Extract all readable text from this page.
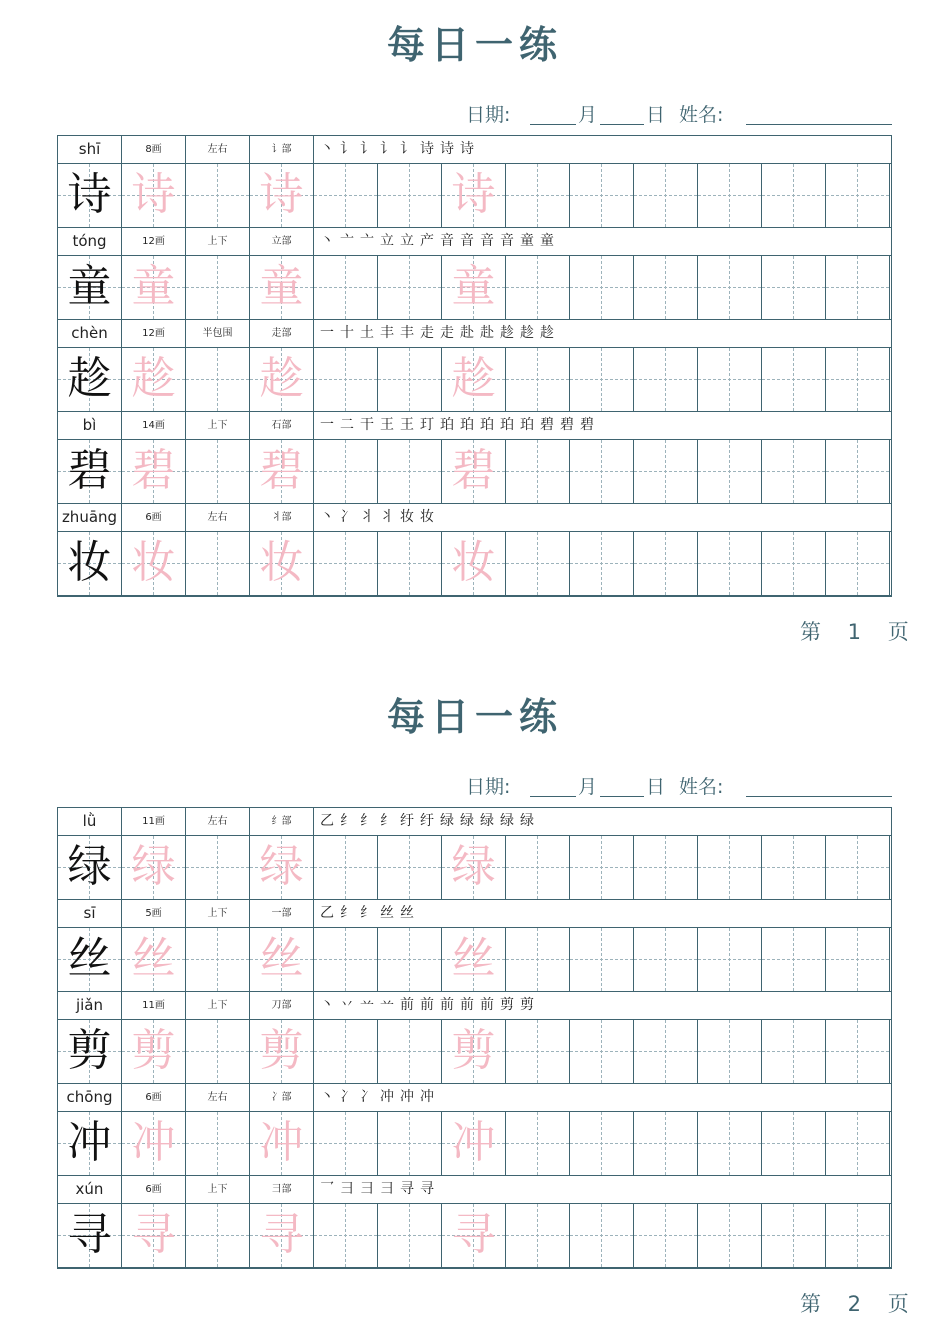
每日一练
日期:	月	日 姓名:
shī	8画	左右	讠部	丶讠讠讠讠诗诗诗
诗 诗 诗	诗
tóng	12画	上下	立部	丶亠亠立立产音音音音童童
童 童 童	童
chèn	12画	半包围	走部	一十土丰丰走走赴赴趁趁趁
趁 趁 趁	趁
bì	14画	上下	石部	一二干王王玎珀珀珀珀珀碧碧碧
碧 碧 碧	碧
zhuāng	6画	左右	丬部	丶冫丬丬妆妆
妆 妆 妆	妆
第 1 页
每日一练
日期:	月	日 姓名:
lǜ	11画	左右	纟部	乙纟纟纟纡纡绿绿绿绿绿
绿 绿 绿	绿
sī	5画	上下	一部	乙纟纟丝丝
丝 丝 丝	丝
jiǎn	11画	上下	刀部	丶丷䒑䒑前前前前前剪剪
剪 剪 剪	剪
chōng	6画	左右	冫部	丶冫冫冲冲冲
冲 冲 冲	冲
xún	6画	上下	彐部	乛彐彐彐寻寻
寻 寻 寻	寻
第 2 页
